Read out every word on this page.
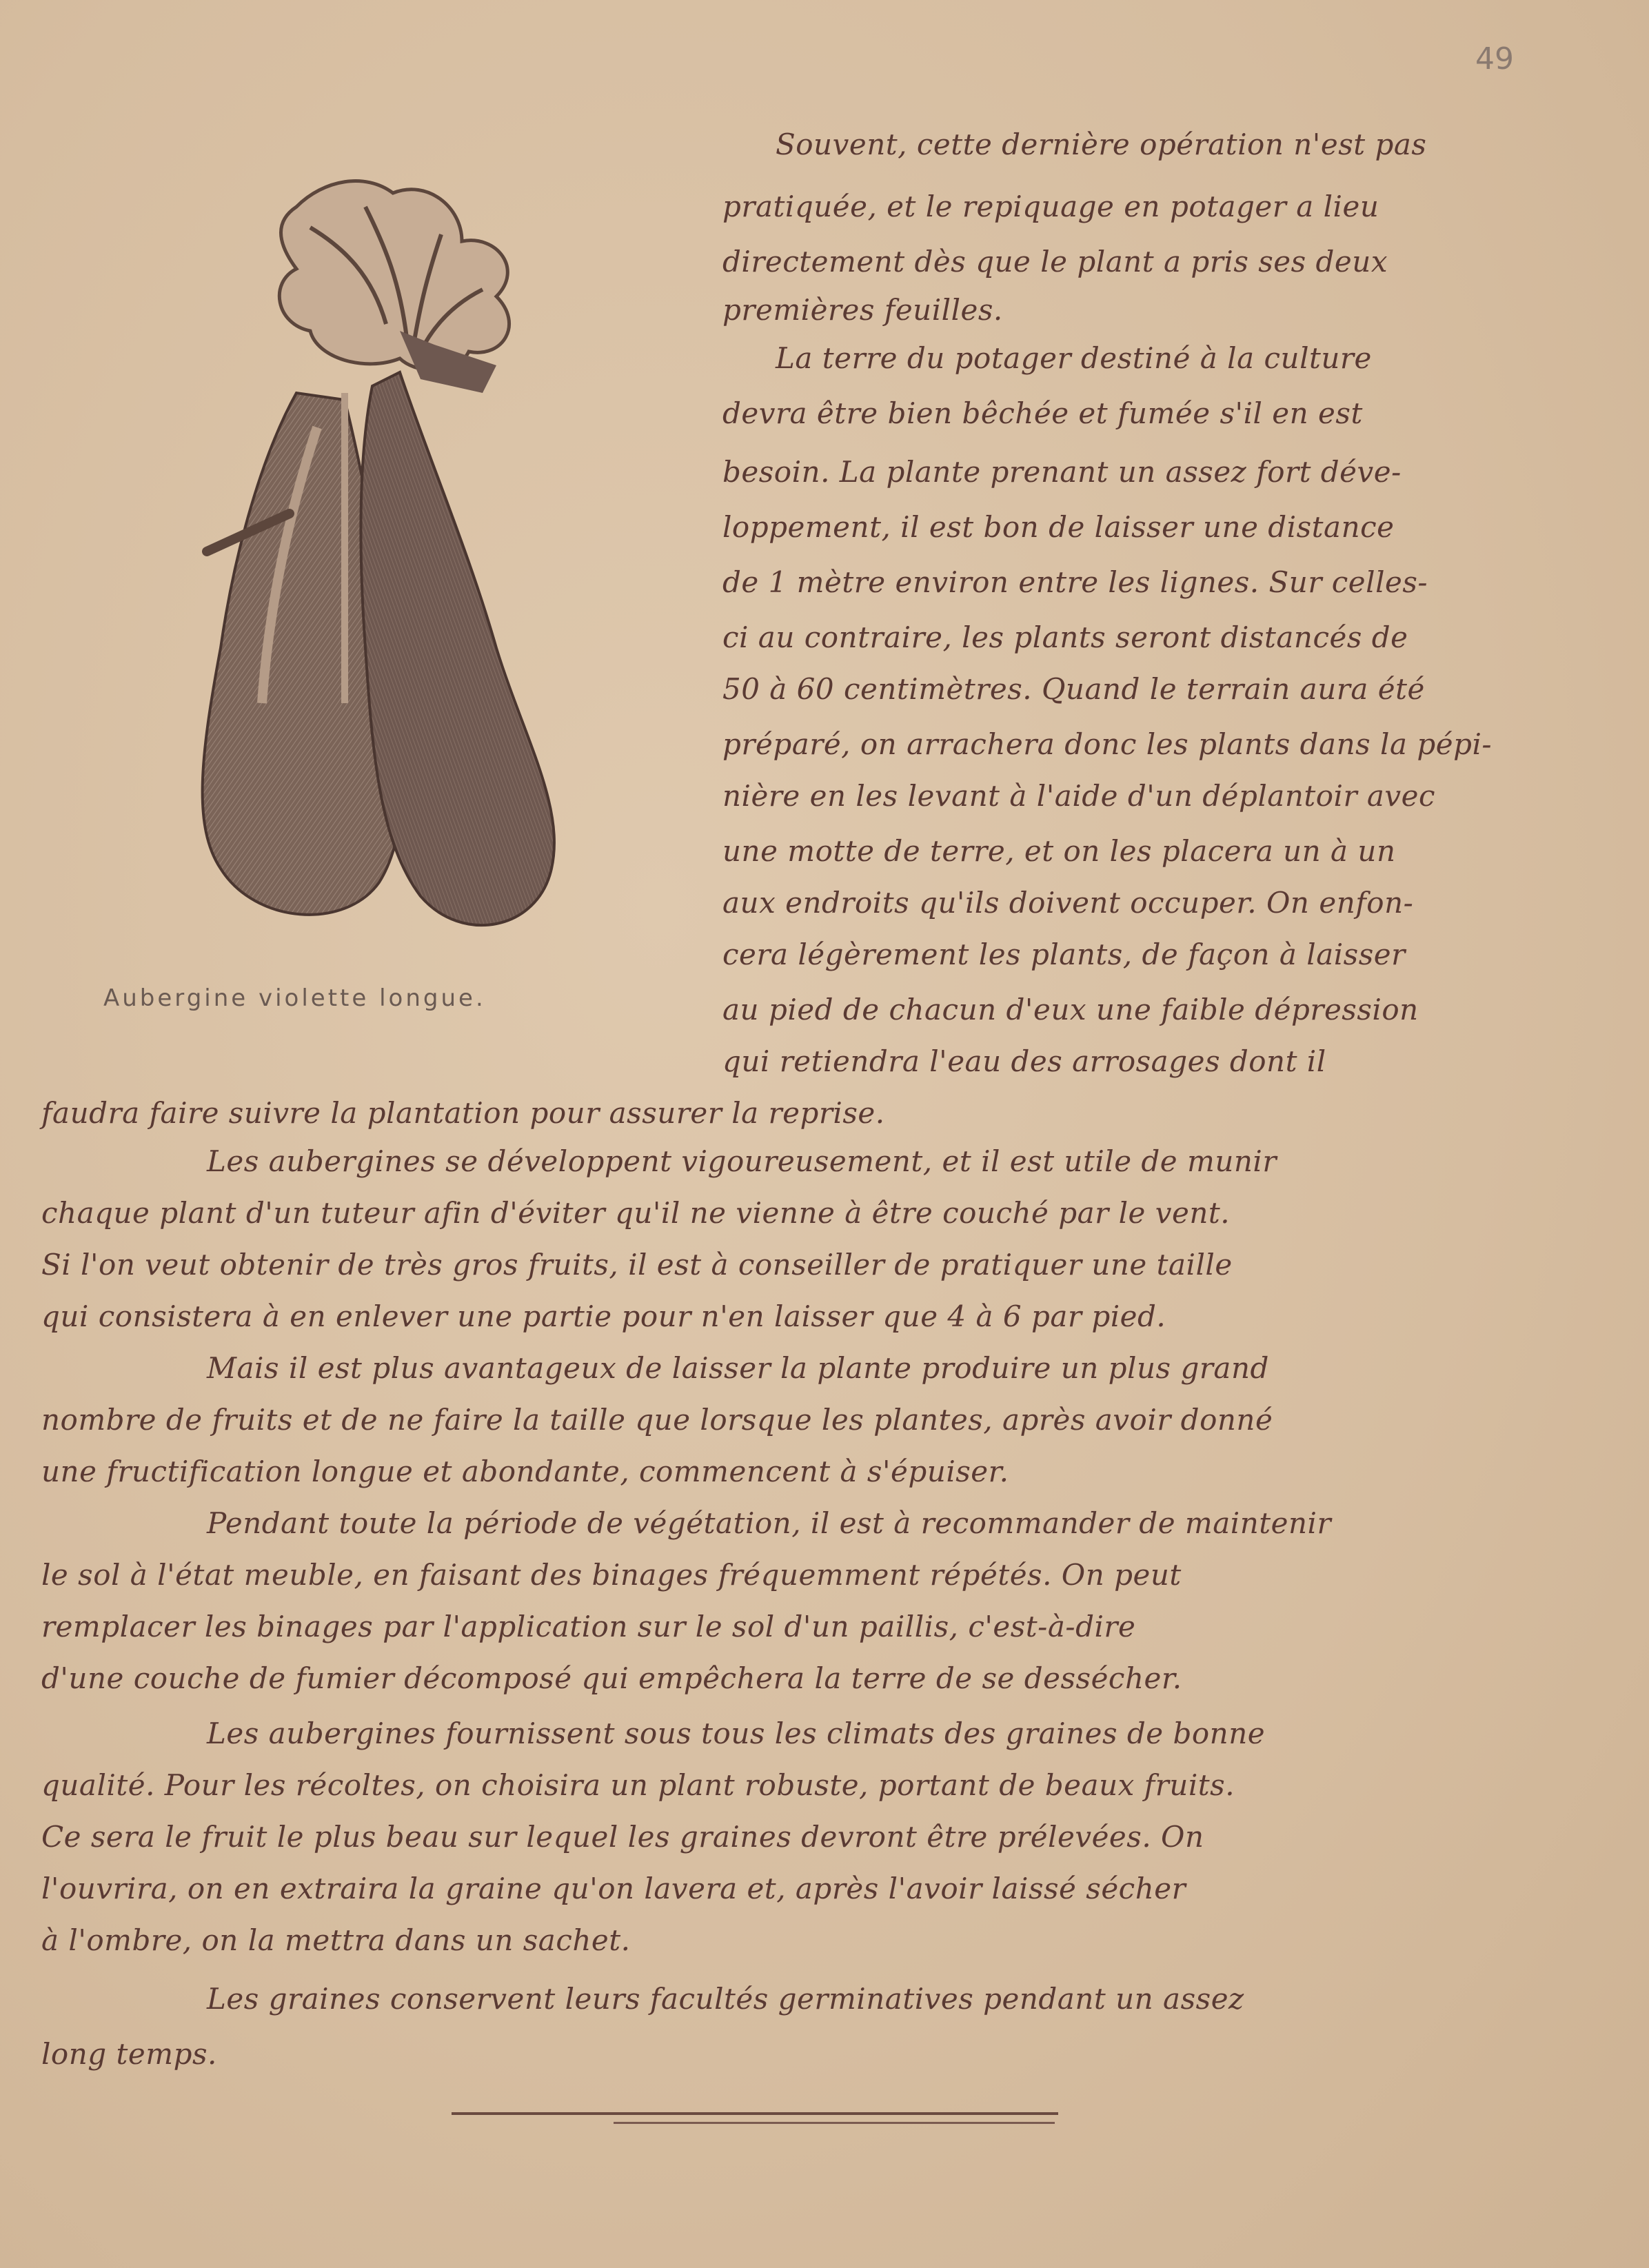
49
Aubergine violette longue.
Souvent, cette dernière opération n'est pas
pratiquée, et le repiquage en potager a lieu
directement dès que le plant a pris ses deux
premières feuilles.
La terre du potager destiné à la culture
devra être bien bêchée et fumée s'il en est
besoin. La plante prenant un assez fort déve-
loppement, il est bon de laisser une distance
de 1 mètre environ entre les lignes. Sur celles-
ci au contraire, les plants seront distancés de
50 à 60 centimètres. Quand le terrain aura été
préparé, on arrachera donc les plants dans la pépi-
nière en les levant à l'aide d'un déplantoir avec
une motte de terre, et on les placera un à un
aux endroits qu'ils doivent occuper. On enfon-
cera légèrement les plants, de façon à laisser
au pied de chacun d'eux une faible dépression
qui retiendra l'eau des arrosages dont il
faudra faire suivre la plantation pour assurer la reprise.
Les aubergines se développent vigoureusement, et il est utile de munir
chaque plant d'un tuteur afin d'éviter qu'il ne vienne à être couché par le vent.
Si l'on veut obtenir de très gros fruits, il est à conseiller de pratiquer une taille
qui consistera à en enlever une partie pour n'en laisser que 4 à 6 par pied.
Mais il est plus avantageux de laisser la plante produire un plus grand
nombre de fruits et de ne faire la taille que lorsque les plantes, après avoir donné
une fructification longue et abondante, commencent à s'épuiser.
Pendant toute la période de végétation, il est à recommander de maintenir
le sol à l'état meuble, en faisant des binages fréquemment répétés. On peut
remplacer les binages par l'application sur le sol d'un paillis, c'est-à-dire
d'une couche de fumier décomposé qui empêchera la terre de se dessécher.
Les aubergines fournissent sous tous les climats des graines de bonne
qualité. Pour les récoltes, on choisira un plant robuste, portant de beaux fruits.
Ce sera le fruit le plus beau sur lequel les graines devront être prélevées. On
l'ouvrira, on en extraira la graine qu'on lavera et, après l'avoir laissé sécher
à l'ombre, on la mettra dans un sachet.
Les graines conservent leurs facultés germinatives pendant un assez
long temps.
